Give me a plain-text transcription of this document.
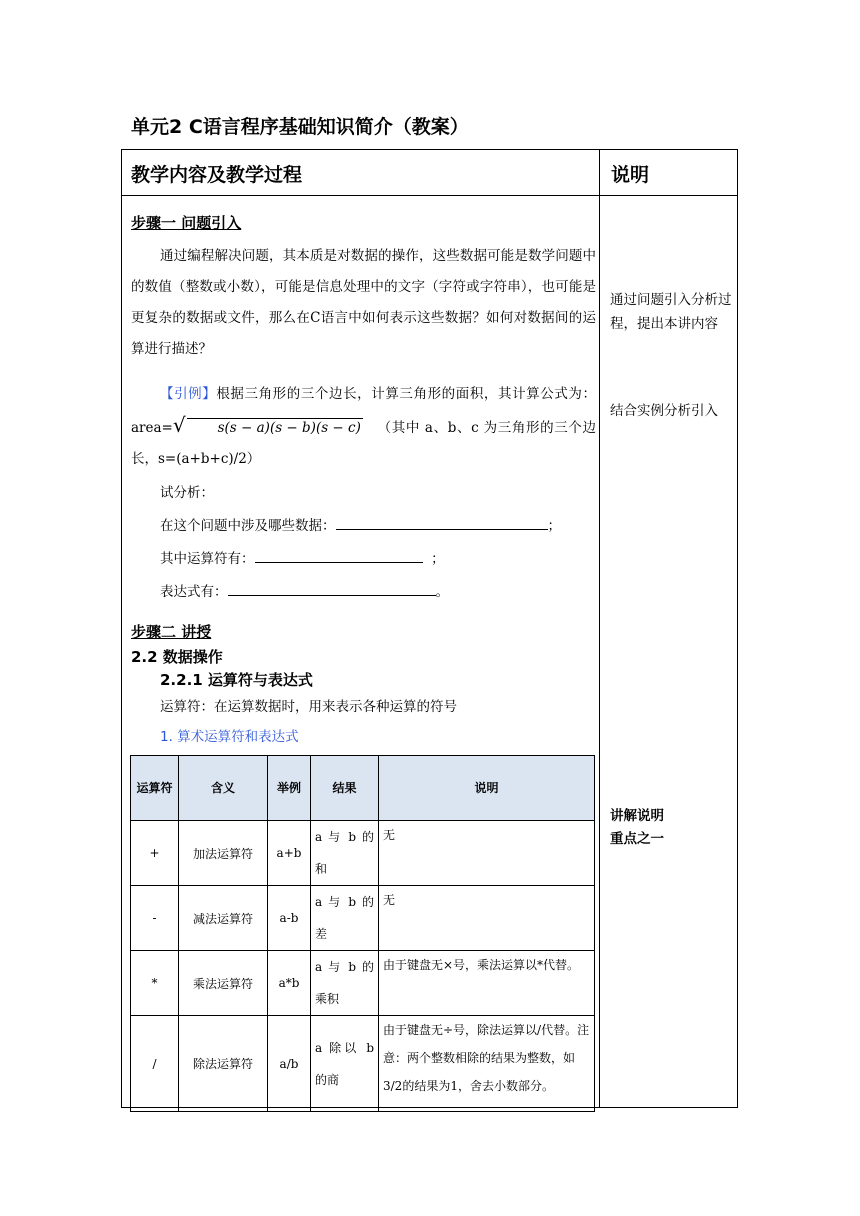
单元2 C语言程序基础知识简介（教案）
教学内容及教学过程	说明

步骤一 问题引入

通过编程解决问题，其本质是对数据的操作，这些数据可能是数学问题中的数值（整数或小数），可能是信息处理中的文字（字符或字符串），也可能是更复杂的数据或文件，那么在C语言中如何表示这些数据？如何对数据间的运算进行描述？

【引例】根据三角形的三个边长，计算三角形的面积，其计算公式为：area=√ s(s − a)(s − b)(s − c) （其中 a、b、c 为三角形的三个边长，s=(a+b+c)/2）

试分析：

在这个问题中涉及哪些数据：	；

其中运算符有：	；

表达式有：	。

步骤二 讲授

2.2 数据操作

2.2.1 运算符与表达式

运算符：在运算数据时，用来表示各种运算的符号

1. 算术运算符和表达式

运算符	含义	举例	结果	说明
+	加法运算符	a+b	a 与 b 的和	无
-	减法运算符	a-b	a 与 b 的差	无
*	乘法运算符	a*b	a 与 b 的乘积	由于键盘无×号，乘法运算以*代替。
/	除法运算符	a/b	a 除以 b 的商	由于键盘无÷号，除法运算以/代替。注意：两个整数相除的结果为整数，如3/2的结果为1，舍去小数部分。
通过问题引入分析过程，提出本讲内容
结合实例分析引入
讲解说明
重点之一
